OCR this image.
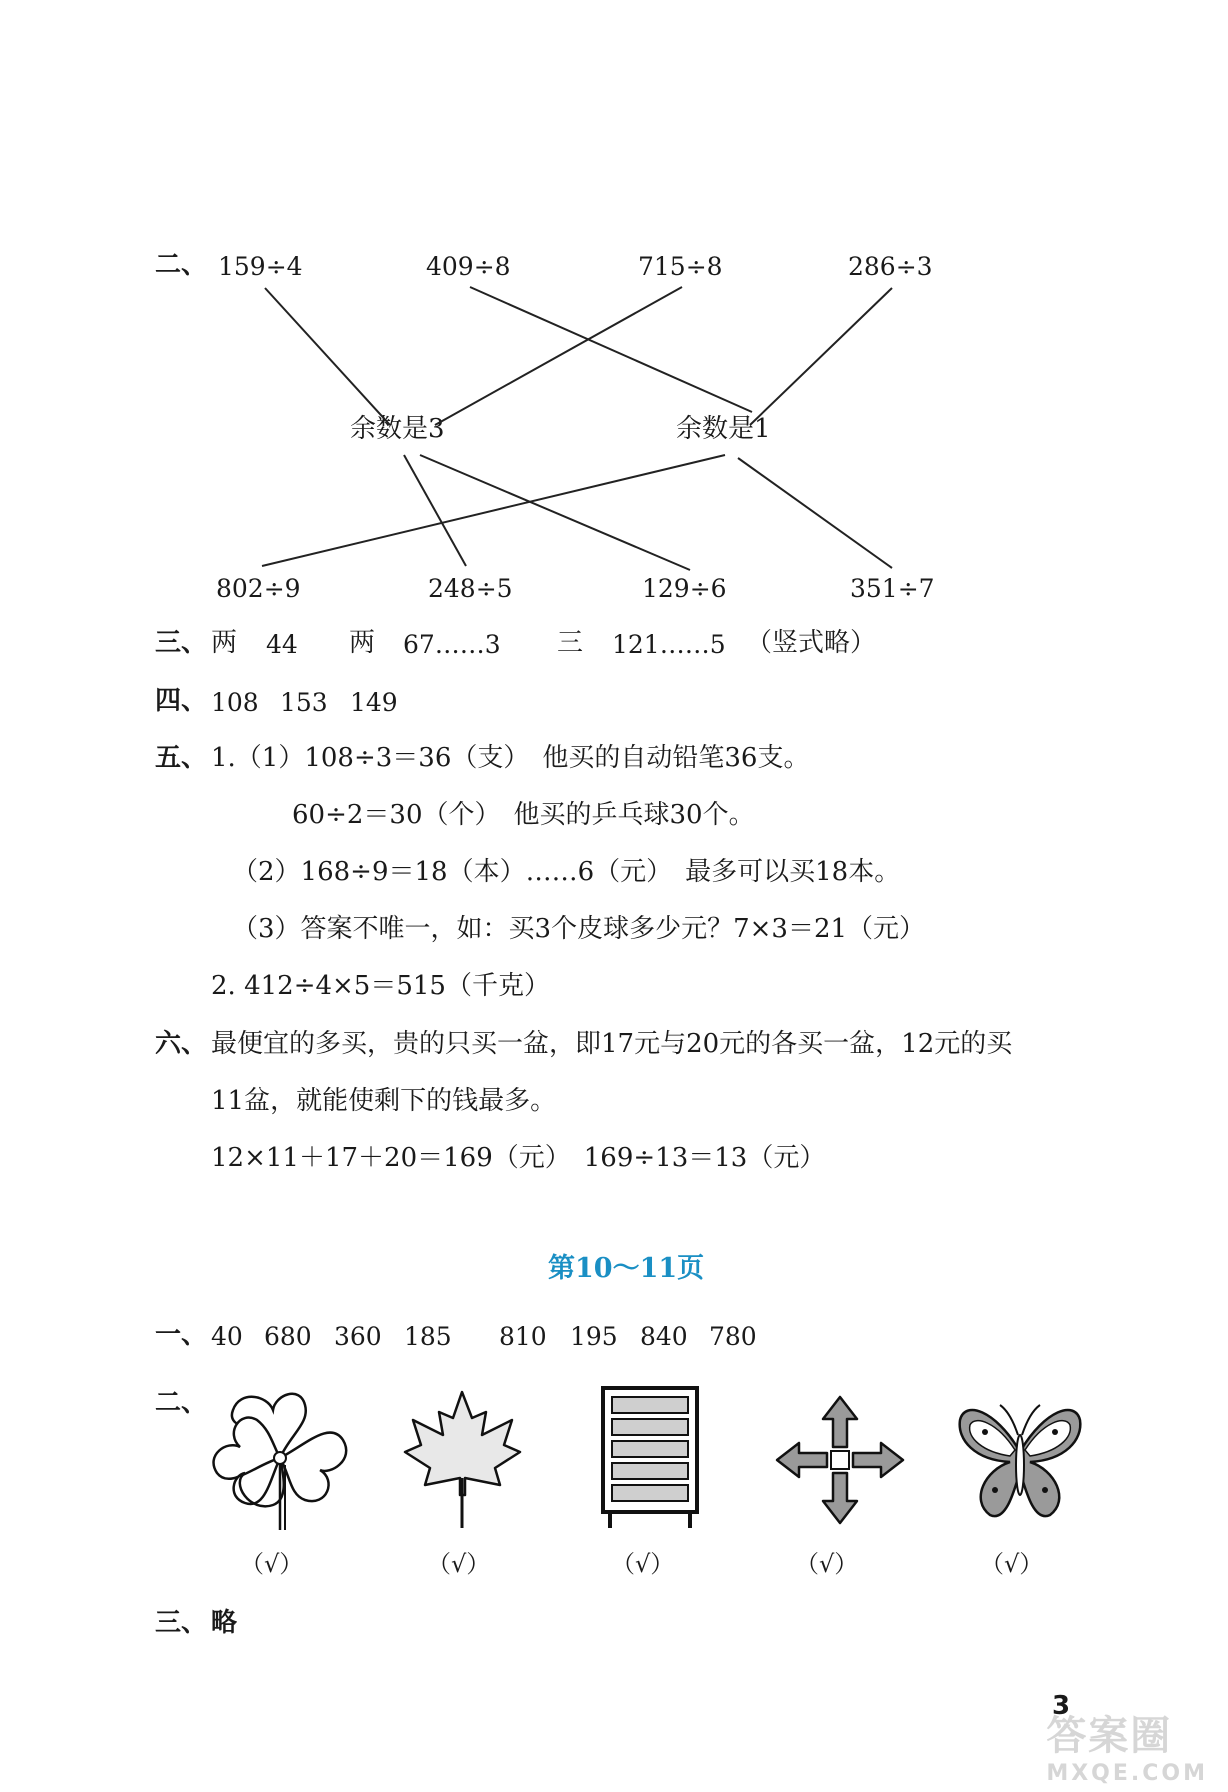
二、 159÷4	409÷8	715÷8	286÷3
余数是3	余数是1
802÷9	248÷5	129÷6	351÷7
三、 两 44 两 67……3 三 121……5 （竖式略）
四、 108 153 149
五、 1.（1）108÷3＝36（支）　他买的自动铅笔36支。
60÷2＝30（个）　他买的乒乓球30个。
（2）168÷9＝18（本）……6（元）　最多可以买18本。
（3）答案不唯一，如：买3个皮球多少元？7×3＝21（元）
2. 412÷4×5＝515（千克）
六、 最便宜的多买，贵的只买一盆，即17元与20元的各买一盆，12元的买
11盆，就能使剩下的钱最多。
12×11＋17＋20＝169（元）　169÷13＝13（元）
第10～11页
一、 40 680 360 185 810 195 840 780
二、
（√）	（√）	（√）	（√）	（√）
三、 略
3
答案圈
MXQE.COM
